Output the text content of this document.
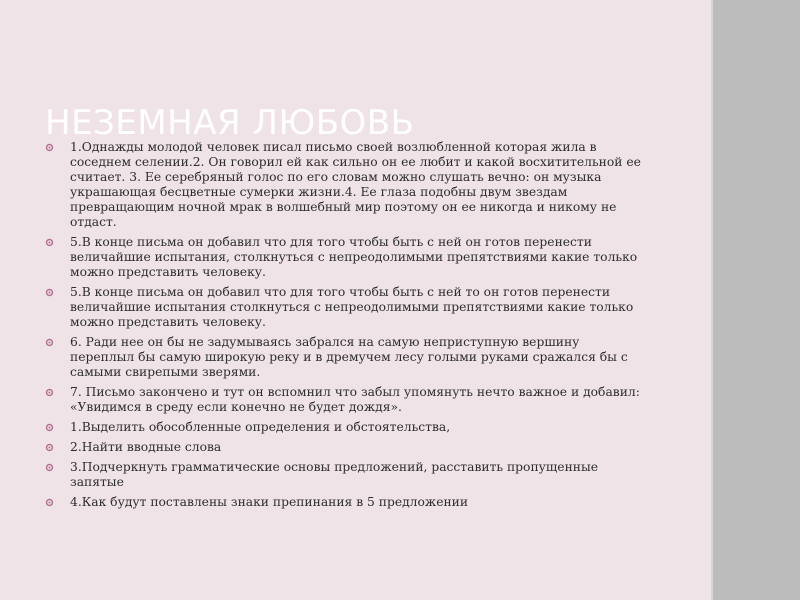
НЕЗЕМНАЯ ЛЮБОВЬ
1.Однажды молодой человек писал письмо своей возлюбленной которая жила в соседнем селении.2. Он говорил ей как сильно он ее любит и какой восхитительной ее считает. 3. Ее серебряный голос по его словам можно слушать вечно: он музыка украшающая бесцветные сумерки жизни.4. Ее глаза подобны двум звездам превращающим ночной мрак в волшебный мир поэтому он ее никогда и никому не отдаст.
5.В конце письма он добавил что для того чтобы быть с ней он готов перенести величайшие испытания, столкнуться с непреодолимыми препятствиями какие только можно представить человеку.
5.В конце письма он добавил что для того чтобы быть с ней то он готов перенести величайшие испытания столкнуться с непреодолимыми препятствиями какие только можно представить человеку.
6. Ради нее он бы не задумываясь забрался на самую неприступную вершину переплыл бы самую широкую реку и в дремучем лесу голыми руками сражался бы с самыми свирепыми зверями.
7. Письмо закончено и тут он вспомнил что забыл упомянуть нечто важное и добавил: «Увидимся в среду если конечно не будет дождя».
1.Выделить обособленные определения и обстоятельства,
2.Найти вводные слова
3.Подчеркнуть грамматические основы предложений, расставить пропущенные запятые
4.Как будут поставлены знаки препинания в 5 предложении
